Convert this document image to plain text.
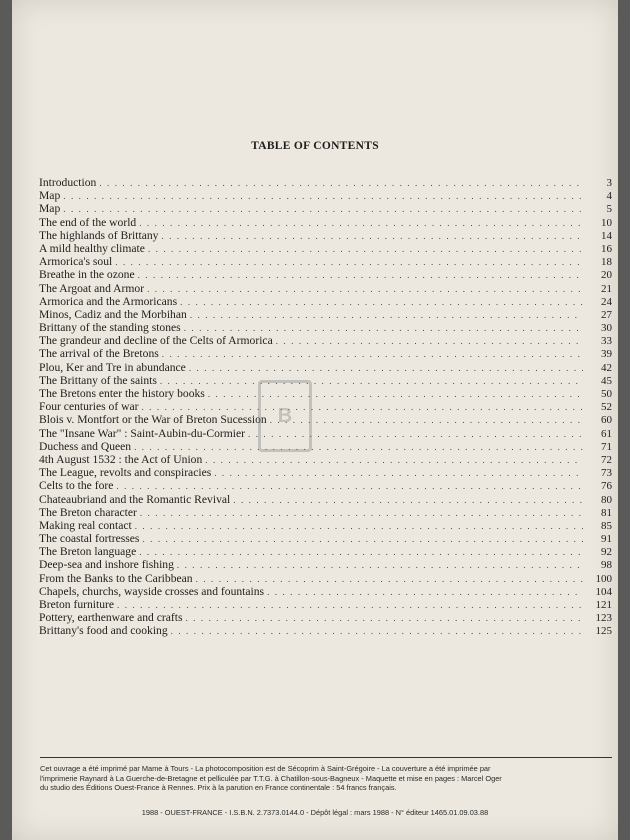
TABLE OF CONTENTS
Introduction . . .	3
Map . . .	4
Map . . .	5
The end of the world . . .	10
The highlands of Brittany . . .	14
A mild healthy climate . . .	16
Armorica's soul . . .	18
Breathe in the ozone . . .	20
The Argoat and Armor . . .	21
Armorica and the Armoricans . . .	24
Minos, Cadiz and the Morbihan . . .	27
Brittany of the standing stones . . .	30
The grandeur and decline of the Celts of Armorica . . .	33
The arrival of the Bretons . . .	39
Plou, Ker and Tre in abundance . . .	42
The Brittany of the saints . . .	45
The Bretons enter the history books . . .	50
Four centuries of war . . .	52
Blois v. Montfort or the War of Breton Sucession . . .	60
The "Insane War" : Saint-Aubin-du-Cormier . . .	61
Duchess and Queen . . .	71
4th August 1532 : the Act of Union . . .	72
The League, revolts and conspiracies . . .	73
Celts to the fore . . .	76
Chateaubriand and the Romantic Revival . . .	80
The Breton character . . .	81
Making real contact . . .	85
The coastal fortresses . . .	91
The Breton language . . .	92
Deep-sea and inshore fishing . . .	98
From the Banks to the Caribbean . . .	100
Chapels, churchs, wayside crosses and fountains . . .	104
Breton furniture . . .	121
Pottery, earthenware and crafts . . .	123
Brittany's food and cooking . . .	125
B
Cet ouvrage a été imprimé par Mame à Tours - La photocomposition est de Sécoprim à Saint-Grégoire - La couverture a été imprimée par
l'imprimerie Raynard à La Guerche-de-Bretagne et pelliculée par T.T.G. à Chatillon-sous-Bagneux - Maquette et mise en pages : Marcel Oger
du studio des Éditions Ouest-France à Rennes. Prix à la parution en France continentale : 54 francs français.
1988 - OUEST-FRANCE - I.S.B.N. 2.7373.0144.0 - Dépôt légal : mars 1988 - N° éditeur 1465.01.09.03.88
